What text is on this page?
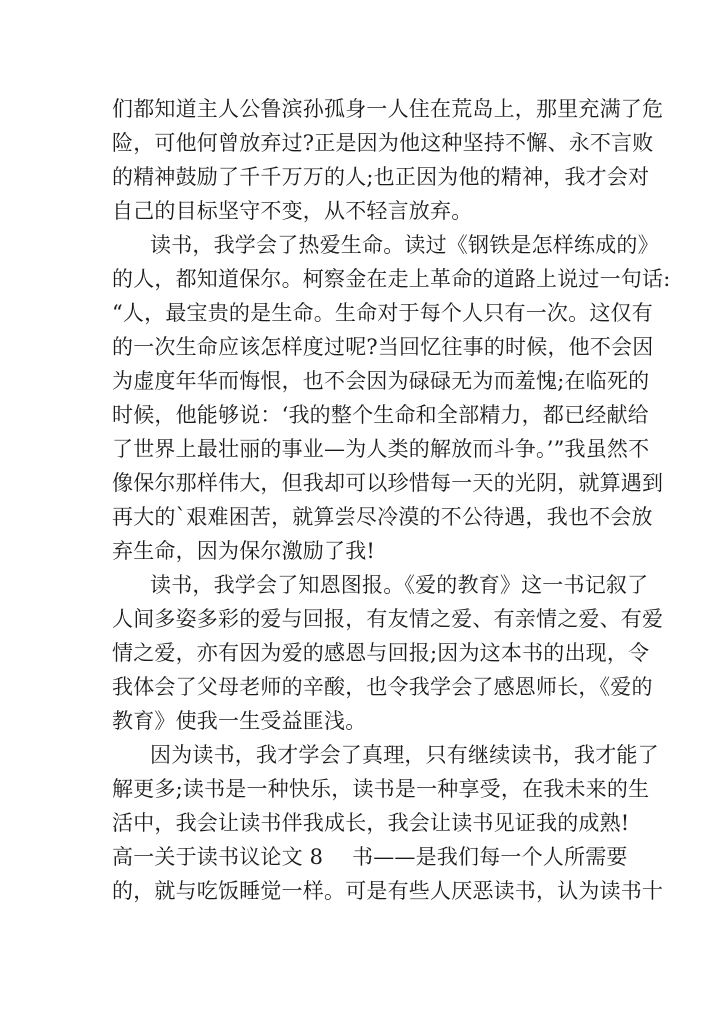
们都知道主人公鲁滨孙孤身一人住在荒岛上，那里充满了危
险，可他何曾放弃过?正是因为他这种坚持不懈、永不言败
的精神鼓励了千千万万的人;也正因为他的精神，我才会对
自己的目标坚守不变，从不轻言放弃。
读书，我学会了热爱生命。读过《钢铁是怎样练成的》
的人，都知道保尔。柯察金在走上革命的道路上说过一句话:
“人，最宝贵的是生命。生命对于每个人只有一次。这仅有
的一次生命应该怎样度过呢?当回忆往事的时候，他不会因
为虚度年华而悔恨，也不会因为碌碌无为而羞愧;在临死的
时候，他能够说：‘我的整个生命和全部精力，都已经献给
了世界上最壮丽的事业—为人类的解放而斗争。’”我虽然不
像保尔那样伟大，但我却可以珍惜每一天的光阴，就算遇到
再大的`艰难困苦，就算尝尽冷漠的不公待遇，我也不会放
弃生命，因为保尔激励了我!
读书，我学会了知恩图报。《爱的教育》这一书记叙了
人间多姿多彩的爱与回报，有友情之爱、有亲情之爱、有爱
情之爱，亦有因为爱的感恩与回报;因为这本书的出现，令
我体会了父母老师的辛酸，也令我学会了感恩师长，《爱的
教育》使我一生受益匪浅。
因为读书，我才学会了真理，只有继续读书，我才能了
解更多;读书是一种快乐，读书是一种享受，在我未来的生
活中，我会让读书伴我成长，我会让读书见证我的成熟!
高一关于读书议论文 8 书——是我们每一个人所需要
的，就与吃饭睡觉一样。可是有些人厌恶读书，认为读书十
